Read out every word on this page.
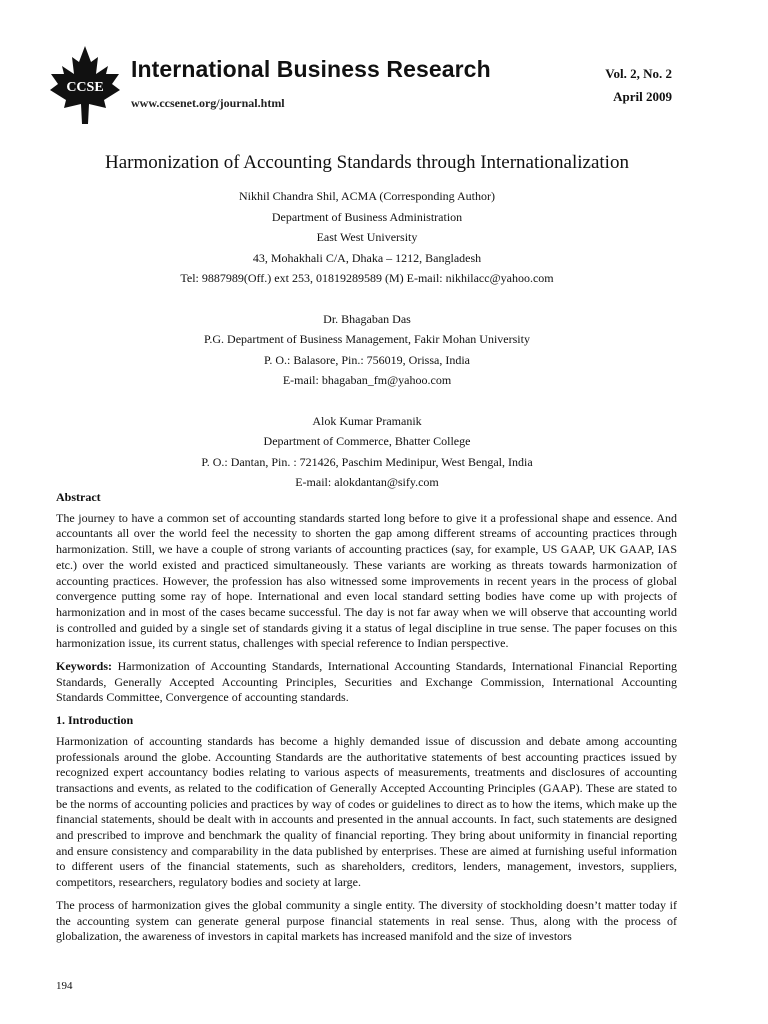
CCSE
International Business Research
www.ccsenet.org/journal.html
Vol. 2, No. 2
April 2009
Harmonization of Accounting Standards through Internationalization
Nikhil Chandra Shil, ACMA (Corresponding Author)
Department of Business Administration
East West University
43, Mohakhali C/A, Dhaka – 1212, Bangladesh
Tel: 9887989(Off.) ext 253, 01819289589 (M) E-mail: nikhilacc@yahoo.com
Dr. Bhagaban Das
P.G. Department of Business Management, Fakir Mohan University
P. O.: Balasore, Pin.: 756019, Orissa, India
E-mail: bhagaban_fm@yahoo.com
Alok Kumar Pramanik
Department of Commerce, Bhatter College
P. O.: Dantan, Pin. : 721426, Paschim Medinipur, West Bengal, India
E-mail: alokdantan@sify.com
Abstract

The journey to have a common set of accounting standards started long before to give it a professional shape and essence. And accountants all over the world feel the necessity to shorten the gap among different streams of accounting practices through harmonization. Still, we have a couple of strong variants of accounting practices (say, for example, US GAAP, UK GAAP, IAS etc.) over the world existed and practiced simultaneously. These variants are working as threats towards harmonization of accounting practices. However, the profession has also witnessed some improvements in recent years in the process of global convergence putting some ray of hope. International and even local standard setting bodies have come up with projects of harmonization and in most of the cases became successful. The day is not far away when we will observe that accounting world is controlled and guided by a single set of standards giving it a status of legal discipline in true sense. The paper focuses on this harmonization issue, its current status, challenges with special reference to Indian perspective.

Keywords: Harmonization of Accounting Standards, International Accounting Standards, International Financial Reporting Standards, Generally Accepted Accounting Principles, Securities and Exchange Commission, International Accounting Standards Committee, Convergence of accounting standards.

1. Introduction

Harmonization of accounting standards has become a highly demanded issue of discussion and debate among accounting professionals around the globe. Accounting Standards are the authoritative statements of best accounting practices issued by recognized expert accountancy bodies relating to various aspects of measurements, treatments and disclosures of accounting transactions and events, as related to the codification of Generally Accepted Accounting Principles (GAAP). These are stated to be the norms of accounting policies and practices by way of codes or guidelines to direct as to how the items, which make up the financial statements, should be dealt with in accounts and presented in the annual accounts. In fact, such statements are designed and prescribed to improve and benchmark the quality of financial reporting. They bring about uniformity in financial reporting and ensure consistency and comparability in the data published by enterprises. These are aimed at furnishing useful information to different users of the financial statements, such as shareholders, creditors, lenders, management, investors, suppliers, competitors, researchers, regulatory bodies and society at large.

The process of harmonization gives the global community a single entity. The diversity of stockholding doesn’t matter today if the accounting system can generate general purpose financial statements in real sense. Thus, along with the process of globalization, the awareness of investors in capital markets has increased manifold and the size of investors

194
